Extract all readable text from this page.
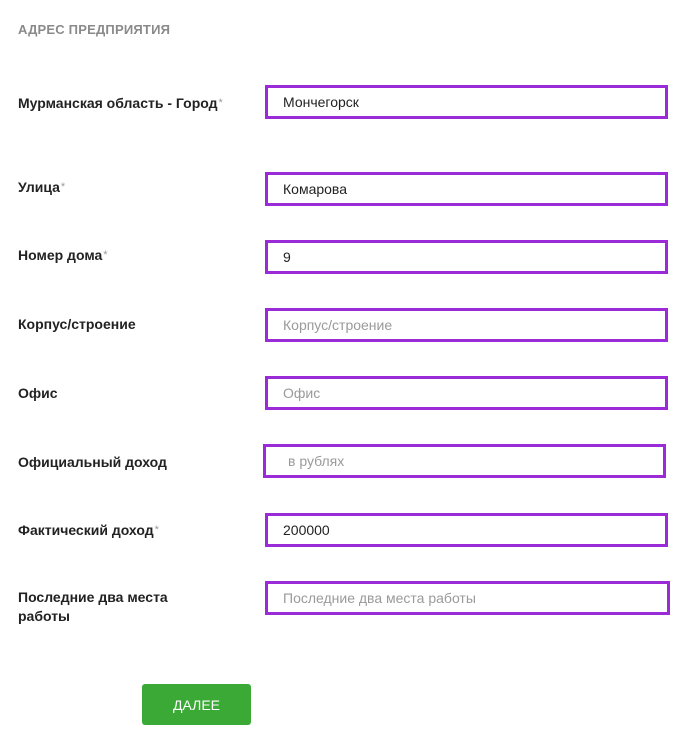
АДРЕС ПРЕДПРИЯТИЯ
Мурманская область - Город*
Мончегорск
Улица*
Комарова
Номер дома*
9
Корпус/строение
Корпус/строение
Офис
Офис
Официальный доход
в рублях
Фактический доход*
200000
Последние два места работы
Последние два места работы
ДАЛЕЕ
